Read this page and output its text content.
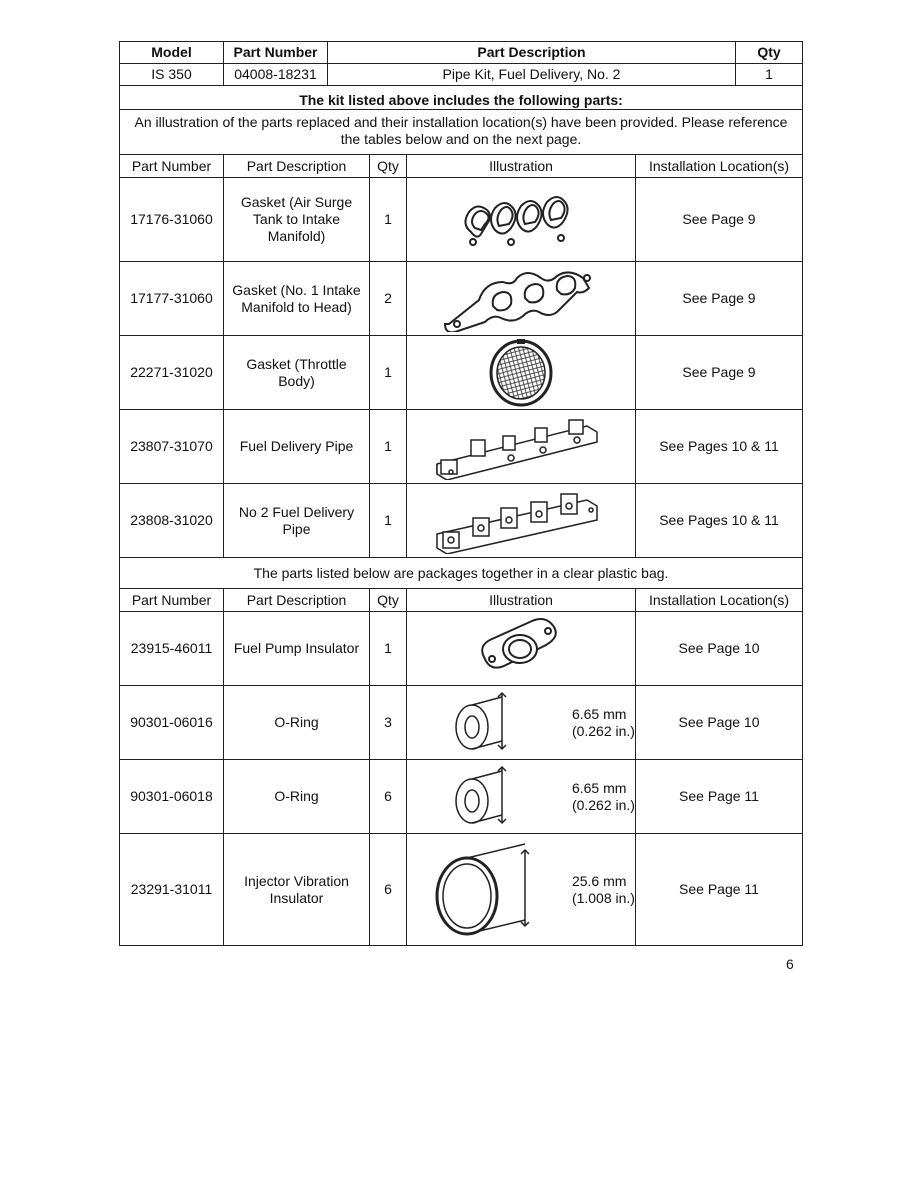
Model	Part Number	Part Description	Qty
IS 350	04008-18231	Pipe Kit, Fuel Delivery, No. 2	1
The kit listed above includes the following parts:				
An illustration of the parts replaced and their installation location(s) have been provided. Please reference the tables below and on the next page.				
Part Number	Part Description	Qty	Illustration	Installation Location(s)
17176-31060	Gasket (Air Surge Tank to Intake Manifold)	1		See Page 9
17177-31060	Gasket (No. 1 Intake Manifold to Head)	2		See Page 9
22271-31020	Gasket (Throttle Body)	1		See Page 9
23807-31070	Fuel Delivery Pipe	1		See Pages 10 & 11
23808-31020	No 2 Fuel Delivery Pipe	1		See Pages 10 & 11
The parts listed below are packages together in a clear plastic bag.				
Part Number	Part Description	Qty	Illustration	Installation Location(s)
23915-46011	Fuel Pump Insulator	1		See Page 10
90301-06016	O-Ring	3	6.65 mm
(0.262 in.)	See Page 10
90301-06018	O-Ring	6	6.65 mm
(0.262 in.)	See Page 11
23291-31011	Injector Vibration Insulator	6	25.6 mm
(1.008 in.)	See Page 11
6
